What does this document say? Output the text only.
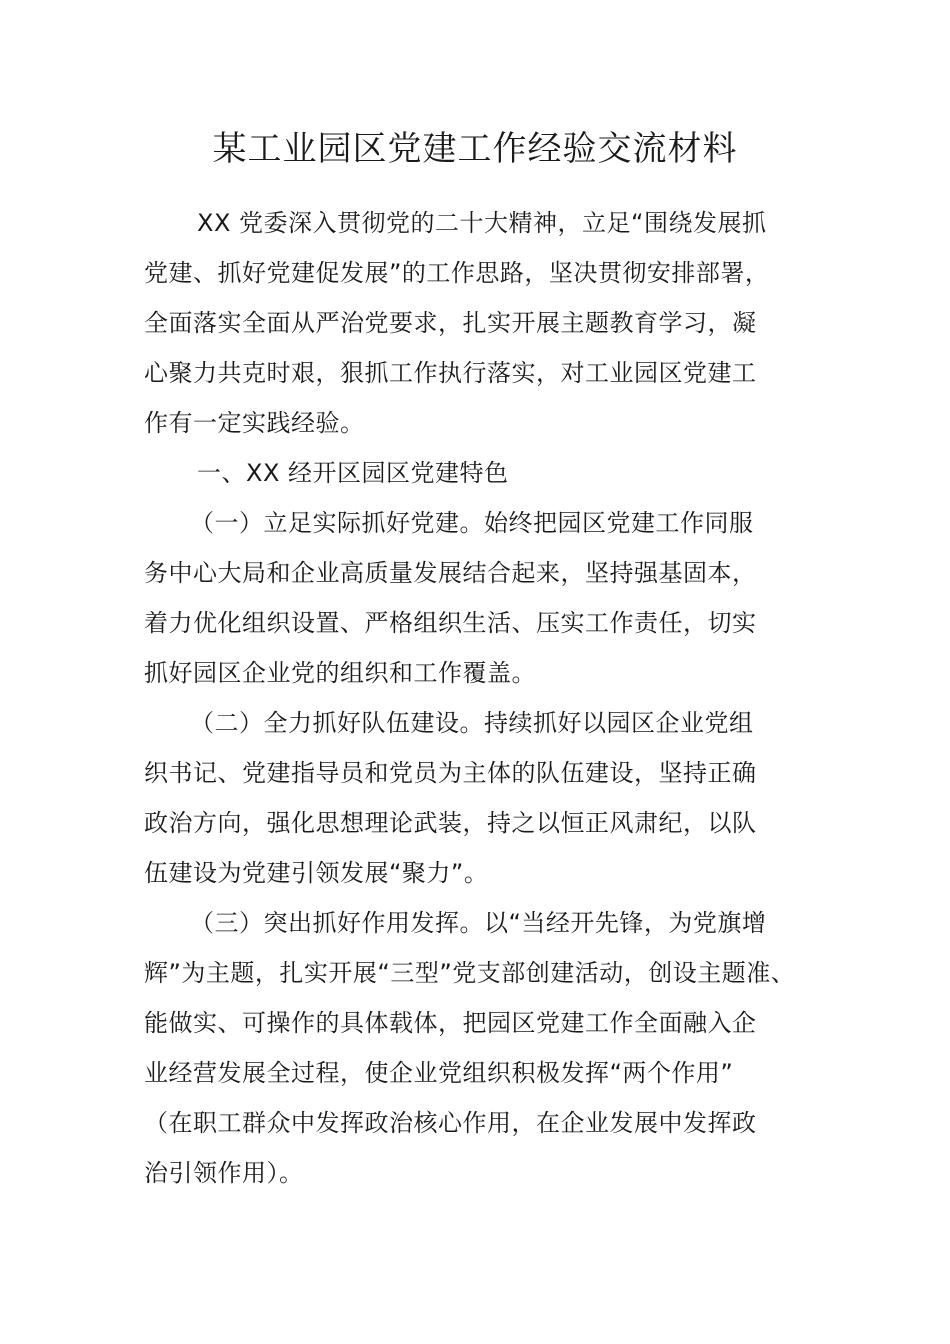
某工业园区党建工作经验交流材料

XX 党委深入贯彻党的二十大精神，立足“围绕发展抓

党建、抓好党建促发展”的工作思路，坚决贯彻安排部署，

全面落实全面从严治党要求，扎实开展主题教育学习，凝

心聚力共克时艰，狠抓工作执行落实，对工业园区党建工

作有一定实践经验。

一、XX 经开区园区党建特色

（一）立足实际抓好党建。始终把园区党建工作同服

务中心大局和企业高质量发展结合起来，坚持强基固本，

着力优化组织设置、严格组织生活、压实工作责任，切实

抓好园区企业党的组织和工作覆盖。

（二）全力抓好队伍建设。持续抓好以园区企业党组

织书记、党建指导员和党员为主体的队伍建设，坚持正确

政治方向，强化思想理论武装，持之以恒正风肃纪，以队

伍建设为党建引领发展“聚力”。

（三）突出抓好作用发挥。以“当经开先锋，为党旗增

辉”为主题，扎实开展“三型”党支部创建活动，创设主题准、

能做实、可操作的具体载体，把园区党建工作全面融入企

业经营发展全过程，使企业党组织积极发挥“两个作用”

（在职工群众中发挥政治核心作用，在企业发展中发挥政

治引领作用）。
